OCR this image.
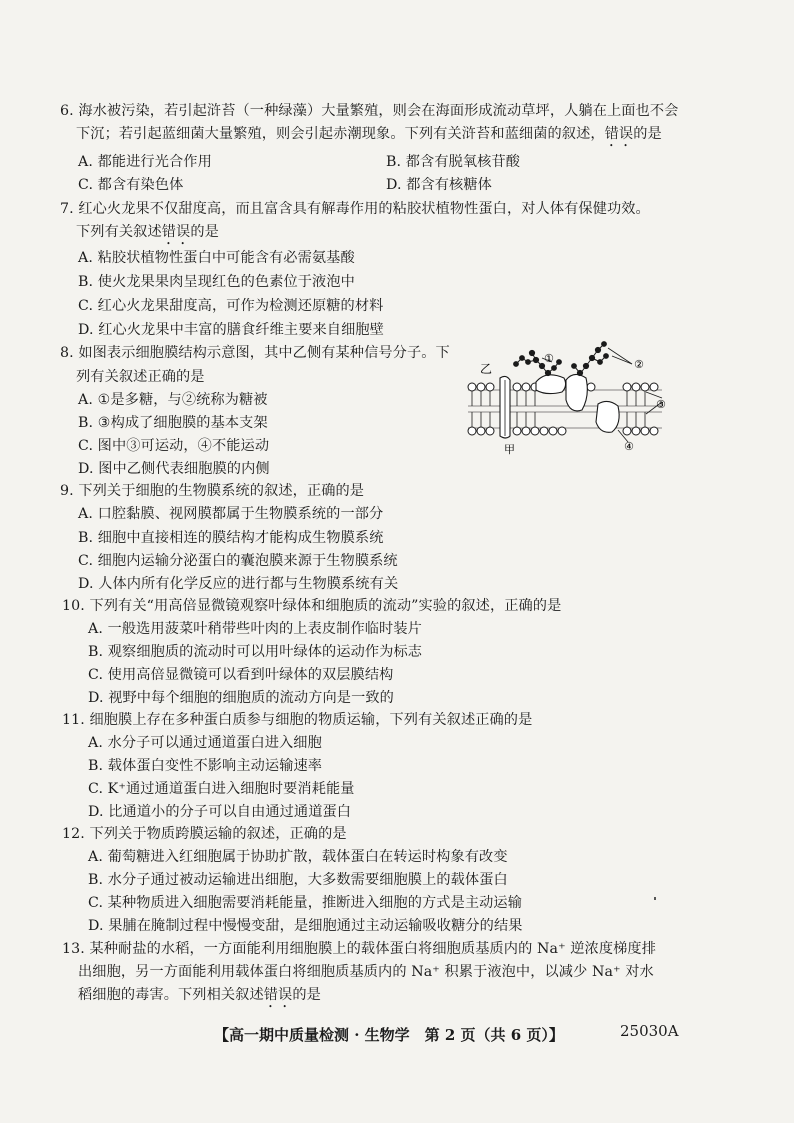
6. 海水被污染，若引起浒苔（一种绿藻）大量繁殖，则会在海面形成流动草坪，人躺在上面也不会
下沉；若引起蓝细菌大量繁殖，则会引起赤潮现象。下列有关浒苔和蓝细菌的叙述，错误的是
A. 都能进行光合作用	B. 都含有脱氧核苷酸
C. 都含有染色体	D. 都含有核糖体
7. 红心火龙果不仅甜度高，而且富含具有解毒作用的粘胶状植物性蛋白，对人体有保健功效。
下列有关叙述错误的是
A. 粘胶状植物性蛋白中可能含有必需氨基酸
B. 使火龙果果肉呈现红色的色素位于液泡中
C. 红心火龙果甜度高，可作为检测还原糖的材料
D. 红心火龙果中丰富的膳食纤维主要来自细胞壁
8. 如图表示细胞膜结构示意图，其中乙侧有某种信号分子。下
列有关叙述正确的是
A. ①是多糖，与②统称为糖被
B. ③构成了细胞膜的基本支架
C. 图中③可运动，④不能运动
D. 图中乙侧代表细胞膜的内侧
乙
甲
①	②
③
④
9. 下列关于细胞的生物膜系统的叙述，正确的是
A. 口腔黏膜、视网膜都属于生物膜系统的一部分
B. 细胞中直接相连的膜结构才能构成生物膜系统
C. 细胞内运输分泌蛋白的囊泡膜来源于生物膜系统
D. 人体内所有化学反应的进行都与生物膜系统有关
10. 下列有关“用高倍显微镜观察叶绿体和细胞质的流动”实验的叙述，正确的是
A. 一般选用菠菜叶稍带些叶肉的上表皮制作临时装片
B. 观察细胞质的流动时可以用叶绿体的运动作为标志
C. 使用高倍显微镜可以看到叶绿体的双层膜结构
D. 视野中每个细胞的细胞质的流动方向是一致的
11. 细胞膜上存在多种蛋白质参与细胞的物质运输，下列有关叙述正确的是
A. 水分子可以通过通道蛋白进入细胞
B. 载体蛋白变性不影响主动运输速率
C. K⁺通过通道蛋白进入细胞时要消耗能量
D. 比通道小的分子可以自由通过通道蛋白
12. 下列关于物质跨膜运输的叙述，正确的是
A. 葡萄糖进入红细胞属于协助扩散，载体蛋白在转运时构象有改变
B. 水分子通过被动运输进出细胞，大多数需要细胞膜上的载体蛋白
C. 某种物质进入细胞需要消耗能量，推断进入细胞的方式是主动运输
D. 果脯在腌制过程中慢慢变甜，是细胞通过主动运输吸收糖分的结果
13. 某种耐盐的水稻，一方面能利用细胞膜上的载体蛋白将细胞质基质内的 Na⁺ 逆浓度梯度排
出细胞，另一方面能利用载体蛋白将细胞质基质内的 Na⁺ 积累于液泡中，以减少 Na⁺ 对水
稻细胞的毒害。下列相关叙述错误的是
【高一期中质量检测 · 生物学　第 2 页（共 6 页）】	25030A
